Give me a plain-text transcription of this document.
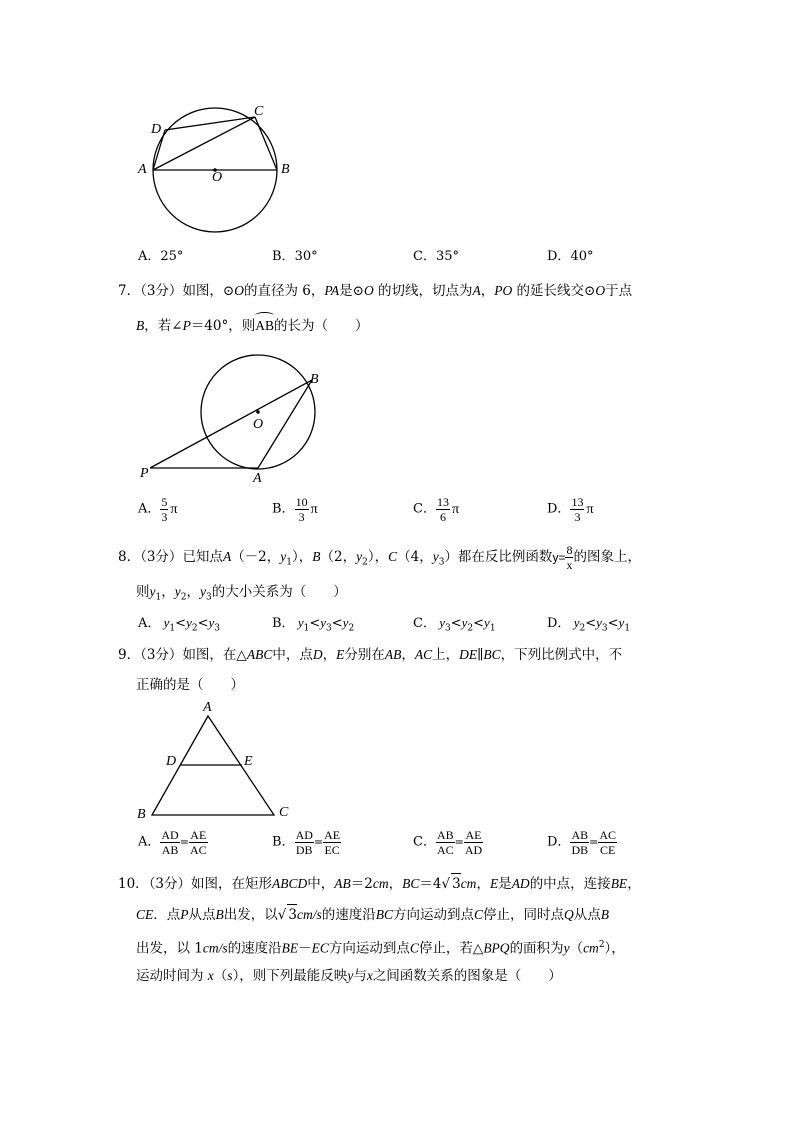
D
C
A
O
B
A．25°	B．30°	C．35°	D．40°
7．（3分）如图，⊙O的直径为 6，PA是⊙O 的切线，切点为A，PO 的延长线交⊙O于点
B，若∠P＝40°，则AB的长为（　　）
B
O
P	A
A． $\frac{5}{3}$ π	B． $\frac{10}{3}$ π	C． $\frac{13}{6}$ π	D． $\frac{13}{3}$ π
8．（3分）已知点A（－2，$y_1$），B（2，$y_2$），C（4，$y_3$）都在反比例函数$y= \frac{8}{x}$ 的图象上，
则$y_1$，$y_2$，$y_3$的大小关系为（　　）
A． $y_1<y_2<y_3$	B． $y_1<y_3<y_2$	C． $y_3<y_2<y_1$	D． $y_2<y_3<y_1$
9．（3分）如图，在△ABC中，点D，E分别在AB，AC上，DE∥BC，下列比例式中，不
正确的是（　　）
A
D	E
B	C
A． $\frac{AD}{AB} = \frac{AE}{AC}$	B． $\frac{AD}{DB} = \frac{AE}{EC}$	C． $\frac{AB}{AC} = \frac{AE}{AD}$	D． $\frac{AB}{DB} = \frac{AC}{CE}$
10．（3分）如图，在矩形ABCD中，AB＝2cm，BC＝4√ 3cm，E是AD的中点，连接BE，
CE．点P从点B出发，以√ 3cm/s的速度沿BC方向运动到点C停止，同时点Q从点B
出发，以 1cm/s的速度沿BE－EC方向运动到点C停止，若△BPQ的面积为$y(cm^2)$，
运动时间为 x（s），则下列最能反映y与x之间函数关系的图象是（　　）
